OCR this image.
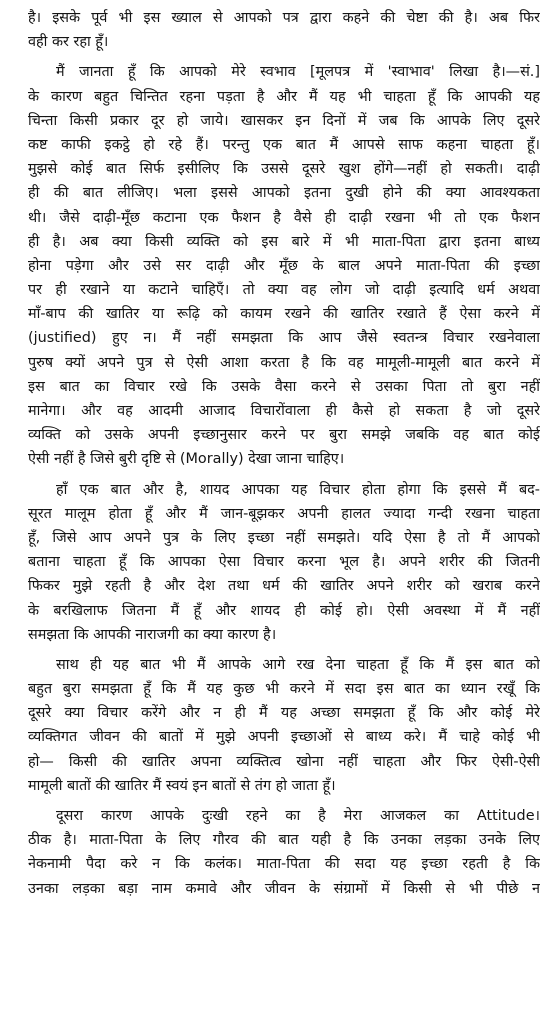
है। इसके पूर्व भी इस ख्याल से आपको पत्र द्वारा कहने की चेष्टा की है। अब फिर
वही कर रहा हूँ।
मैं जानता हूँ कि आपको मेरे स्वभाव [मूलपत्र में 'स्वाभाव' लिखा है।—सं.]
के कारण बहुत चिन्तित रहना पड़ता है और मैं यह भी चाहता हूँ कि आपकी यह
चिन्ता किसी प्रकार दूर हो जाये। खासकर इन दिनों में जब कि आपके लिए दूसरे
कष्ट काफी इकट्ठे हो रहे हैं। परन्तु एक बात मैं आपसे साफ कहना चाहता हूँ।
मुझसे कोई बात सिर्फ इसीलिए कि उससे दूसरे खुश होंगे—नहीं हो सकती। दाढ़ी
ही की बात लीजिए। भला इससे आपको इतना दुखी होने की क्या आवश्यकता
थी। जैसे दाढ़ी-मूँछ कटाना एक फैशन है वैसे ही दाढ़ी रखना भी तो एक फैशन
ही है। अब क्या किसी व्यक्ति को इस बारे में भी माता-पिता द्वारा इतना बाध्य
होना पड़ेगा और उसे सर दाढ़ी और मूँछ के बाल अपने माता-पिता की इच्छा
पर ही रखाने या कटाने चाहिएँ। तो क्या वह लोग जो दाढ़ी इत्यादि धर्म अथवा
माँ-बाप की खातिर या रूढ़ि को कायम रखने की खातिर रखाते हैं ऐसा करने में
(justified) हुए न। मैं नहीं समझता कि आप जैसे स्वतन्त्र विचार रखनेवाला
पुरुष क्यों अपने पुत्र से ऐसी आशा करता है कि वह मामूली-मामूली बात करने में
इस बात का विचार रखे कि उसके वैसा करने से उसका पिता तो बुरा नहीं
मानेगा। और वह आदमी आजाद विचारोंवाला ही कैसे हो सकता है जो दूसरे
व्यक्ति को उसके अपनी इच्छानुसार करने पर बुरा समझे जबकि वह बात कोई
ऐसी नहीं है जिसे बुरी दृष्टि से (Morally) देखा जाना चाहिए।
हाँ एक बात और है, शायद आपका यह विचार होता होगा कि इससे मैं बद-
सूरत मालूम होता हूँ और मैं जान-बूझकर अपनी हालत ज्यादा गन्दी रखना चाहता
हूँ, जिसे आप अपने पुत्र के लिए इच्छा नहीं समझते। यदि ऐसा है तो मैं आपको
बताना चाहता हूँ कि आपका ऐसा विचार करना भूल है। अपने शरीर की जितनी
फिकर मुझे रहती है और देश तथा धर्म की खातिर अपने शरीर को खराब करने
के बरखिलाफ जितना मैं हूँ और शायद ही कोई हो। ऐसी अवस्था में मैं नहीं
समझता कि आपकी नाराजगी का क्या कारण है।
साथ ही यह बात भी मैं आपके आगे रख देना चाहता हूँ कि मैं इस बात को
बहुत बुरा समझता हूँ कि मैं यह कुछ भी करने में सदा इस बात का ध्यान रखूँ कि
दूसरे क्या विचार करेंगे और न ही मैं यह अच्छा समझता हूँ कि और कोई मेरे
व्यक्तिगत जीवन की बातों में मुझे अपनी इच्छाओं से बाध्य करे। मैं चाहे कोई भी
हो— किसी की खातिर अपना व्यक्तित्व खोना नहीं चाहता और फिर ऐसी-ऐसी
मामूली बातों की खातिर मैं स्वयं इन बातों से तंग हो जाता हूँ।
दूसरा कारण आपके दुःखी रहने का है मेरा आजकल का Attitude।
ठीक है। माता-पिता के लिए गौरव की बात यही है कि उनका लड़का उनके लिए
नेकनामी पैदा करे न कि कलंक। माता-पिता की सदा यह इच्छा रहती है कि
उनका लड़का बड़ा नाम कमावे और जीवन के संग्रामों में किसी से भी पीछे न
